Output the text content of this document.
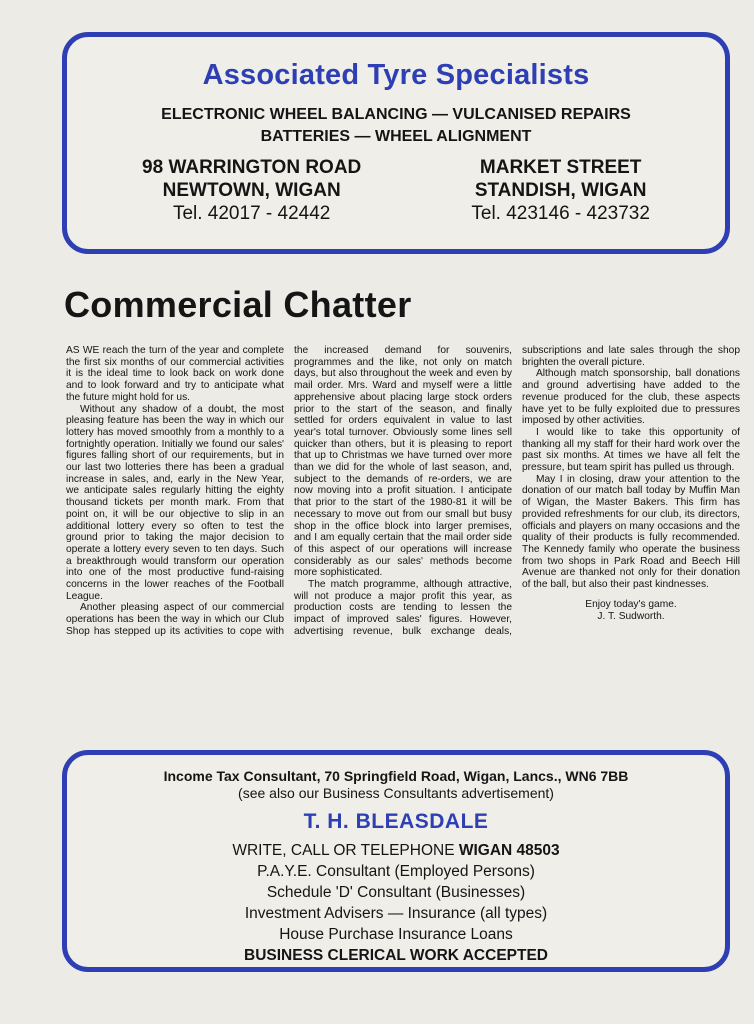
Associated Tyre Specialists
ELECTRONIC WHEEL BALANCING — VULCANISED REPAIRS
BATTERIES — WHEEL ALIGNMENT
98 WARRINGTON ROAD
NEWTOWN, WIGAN
Tel. 42017 - 42442
MARKET STREET
STANDISH, WIGAN
Tel. 423146 - 423732
Commercial Chatter

AS WE reach the turn of the year and complete the first six months of our commercial activities it is the ideal time to look back on work done and to look forward and try to anticipate what the future might hold for us.

Without any shadow of a doubt, the most pleasing feature has been the way in which our lottery has moved smoothly from a monthly to a fortnightly operation. Initially we found our sales' figures falling short of our requirements, but in our last two lotteries there has been a gradual increase in sales, and, early in the New Year, we anticipate sales regularly hitting the eighty thousand tickets per month mark. From that point on, it will be our objective to slip in an additional lottery every so often to test the ground prior to taking the major decision to operate a lottery every seven to ten days. Such a breakthrough would transform our operation into one of the most productive fund-raising concerns in the lower reaches of the Football League.

Another pleasing aspect of our commercial operations has been the way in which our Club Shop has stepped up its activities to cope with the increased demand for souvenirs, programmes and the like, not only on match days, but also throughout the week and even by mail order. Mrs. Ward and myself were a little apprehensive about placing large stock orders prior to the start of the season, and finally settled for orders equivalent in value to last year's total turnover. Obviously some lines sell quicker than others, but it is pleasing to report that up to Christmas we have turned over more than we did for the whole of last season, and, subject to the demands of re-orders, we are now moving into a profit situation. I anticipate that prior to the start of the 1980-81 it will be necessary to move out from our small but busy shop in the office block into larger premises, and I am equally certain that the mail order side of this aspect of our operations will increase considerably as our sales' methods become more sophisticated.

The match programme, although attractive, will not produce a major profit this year, as production costs are tending to lessen the impact of improved sales' figures. However, advertising revenue, bulk exchange deals, subscriptions and late sales through the shop brighten the overall picture.

Although match sponsorship, ball donations and ground advertising have added to the revenue produced for the club, these aspects have yet to be fully exploited due to pressures imposed by other activities.

I would like to take this opportunity of thanking all my staff for their hard work over the past six months. At times we have all felt the pressure, but team spirit has pulled us through.

May I in closing, draw your attention to the donation of our match ball today by Muffin Man of Wigan, the Master Bakers. This firm has provided refreshments for our club, its directors, officials and players on many occasions and the quality of their products is fully recommended. The Kennedy family who operate the business from two shops in Park Road and Beech Hill Avenue are thanked not only for their donation of the ball, but also their past kindnesses.

Enjoy today's game.
J. T. Sudworth.
Income Tax Consultant, 70 Springfield Road, Wigan, Lancs., WN6 7BB
(see also our Business Consultants advertisement)
T. H. BLEASDALE
WRITE, CALL OR TELEPHONE WIGAN 48503
P.A.Y.E. Consultant (Employed Persons)
Schedule 'D' Consultant (Businesses)
Investment Advisers — Insurance (all types)
House Purchase Insurance Loans
BUSINESS CLERICAL WORK ACCEPTED
